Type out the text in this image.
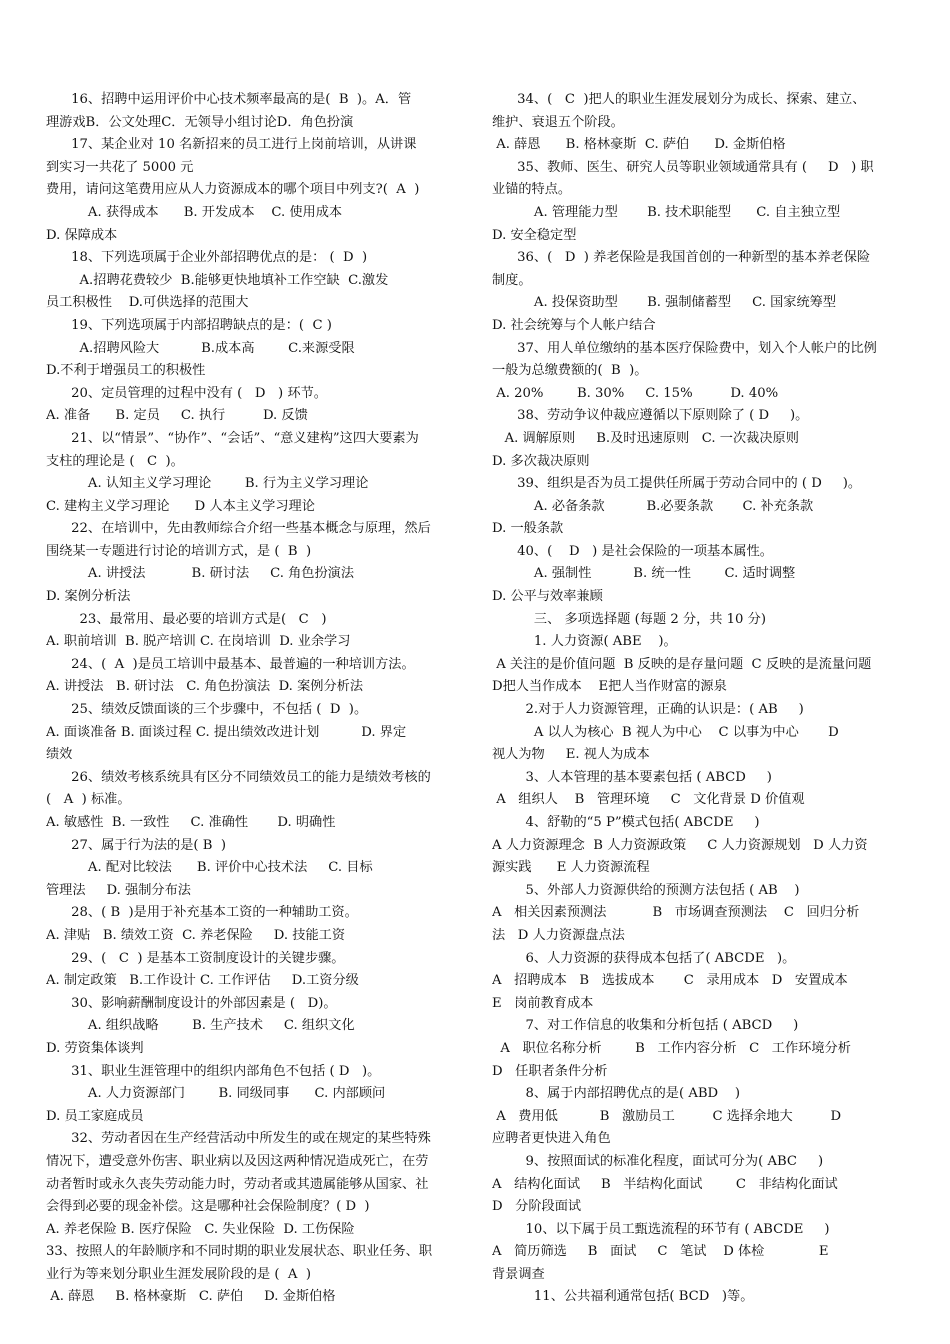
16、招聘中运用评价中心技术频率最高的是(  B  )。A．管
理游戏B．公文处理C．无领导小组讨论D．角色扮演
17、某企业对 10 名新招来的员工进行上岗前培训，从讲课
到实习一共花了 5000 元
费用，请问这笔费用应从人力资源成本的哪个项目中列支?(  A  )
A. 获得成本      B. 开发成本    C. 使用成本
D. 保障成本
18、下列选项属于企业外部招聘优点的是： (  D  )
A.招聘花费较少  B.能够更快地填补工作空缺  C.激发
员工积极性    D.可供选择的范围大
19、下列选项属于内部招聘缺点的是：(  C )
A.招聘风险大          B.成本高        C.来源受限
D.不利于增强员工的积极性
20、定员管理的过程中没有 (   D   ) 环节。
A. 准备      B. 定员     C. 执行         D. 反馈
21、以“情景”、“协作”、“会话”、“意义建构”这四大要素为
支柱的理论是 (   C  )。
A. 认知主义学习理论        B. 行为主义学习理论
C. 建构主义学习理论      D 人本主义学习理论
22、在培训中，先由教师综合介绍一些基本概念与原理，然后
围绕某一专题进行讨论的培训方式，是 (  B  )
A. 讲授法           B. 研讨法     C. 角色扮演法
D. 案例分析法
23、最常用、最必要的培训方式是(   C   )
A. 职前培训  B. 脱产培训 C. 在岗培训  D. 业余学习
24、(  A  )是员工培训中最基本、最普遍的一种培训方法。
A. 讲授法   B. 研讨法   C. 角色扮演法  D. 案例分析法
25、绩效反馈面谈的三个步骤中，不包括 (  D  )。
A. 面谈准备 B. 面谈过程 C. 提出绩效改进计划          D. 界定
绩效
26、绩效考核系统具有区分不同绩效员工的能力是绩效考核的
(   A  ) 标准。
A. 敏感性  B. 一致性     C. 准确性       D. 明确性
27、属于行为法的是( B  )
A. 配对比较法      B. 评价中心技术法     C. 目标
管理法     D. 强制分布法
28、( B  )是用于补充基本工资的一种辅助工资。
A. 津贴   B. 绩效工资  C. 养老保险     D. 技能工资
29、(   C  ) 是基本工资制度设计的关键步骤。
A. 制定政策   B.工作设计 C. 工作评估     D.工资分级
30、影响薪酬制度设计的外部因素是 (   D)。
A. 组织战略        B. 生产技术     C. 组织文化
D. 劳资集体谈判
31、职业生涯管理中的组织内部角色不包括 ( D   )。
A. 人力资源部门        B. 同级同事      C. 内部顾问
D. 员工家庭成员
32、劳动者因在生产经营活动中所发生的或在规定的某些特殊
情况下，遭受意外伤害、职业病以及因这两种情况造成死亡，在劳
动者暂时或永久丧失劳动能力时，劳动者或其遗属能够从国家、社
会得到必要的现金补偿。这是哪种社会保险制度？( D  )
A. 养老保险 B. 医疗保险   C. 失业保险  D. 工伤保险
33、按照人的年龄顺序和不同时期的职业发展状态、职业任务、职
业行为等来划分职业生涯发展阶段的是 (  A  )
A. 薛恩     B. 格林豪斯   C. 萨伯     D. 金斯伯格
34、(   C  )把人的职业生涯发展划分为成长、探索、建立、
维护、衰退五个阶段。
A. 薛恩      B. 格林豪斯  C. 萨伯      D. 金斯伯格
35、教师、医生、研究人员等职业领域通常具有 (     D   ) 职
业锚的特点。
A. 管理能力型       B. 技术职能型      C. 自主独立型
D. 安全稳定型
36、(   D  ) 养老保险是我国首创的一种新型的基本养老保险
制度。
A. 投保资助型       B. 强制储蓄型     C. 国家统筹型
D. 社会统筹与个人帐户结合
37、用人单位缴纳的基本医疗保险费中，划入个人帐户的比例
一般为总缴费额的(  B  )。
A. 20%        B. 30%     C. 15%         D. 40%
38、劳动争议仲裁应遵循以下原则除了 ( D     )。
A. 调解原则     B.及时迅速原则   C. 一次裁决原则
D. 多次裁决原则
39、组织是否为员工提供任所属于劳动合同中的 ( D     )。
A. 必备条款          B.必要条款       C. 补充条款
D. 一般条款
40、(    D   ) 是社会保险的一项基本属性。
A. 强制性          B. 统一性        C. 适时调整
D. 公平与效率兼顾
三、 多项选择题 (每题 2 分，共 10 分)
1. 人力资源( ABE    )。
A 关注的是价值问题  B 反映的是存量问题  C 反映的是流量问题
D把人当作成本    E把人当作财富的源泉
2.对于人力资源管理，正确的认识是：( AB     )
A 以人为核心  B 视人为中心    C 以事为中心       D
视人为物     E. 视人为成本
3、人本管理的基本要素包括 ( ABCD     )
A   组织人    B   管理环境     C   文化背景 D 价值观
4、舒勒的“5 P”模式包括( ABCDE     )
A 人力资源理念  B 人力资源政策     C 人力资源规划   D 人力资
源实践      E 人力资源流程
5、外部人力资源供给的预测方法包括 ( AB    )
A   相关因素预测法           B   市场调查预测法    C   回归分析
法   D 人力资源盘点法
6、人力资源的获得成本包括了( ABCDE   )。
A   招聘成本   B   选拔成本       C   录用成本   D   安置成本
E   岗前教育成本
7、对工作信息的收集和分析包括 ( ABCD     )
A   职位名称分析        B   工作内容分析   C   工作环境分析
D   任职者条件分析
8、属于内部招聘优点的是( ABD    )
A   费用低          B   激励员工         C 选择余地大         D
应聘者更快进入角色
9、按照面试的标准化程度，面试可分为( ABC     )
A   结构化面试     B   半结构化面试        C   非结构化面试
D   分阶段面试
10、以下属于员工甄选流程的环节有 ( ABCDE     )
A   简历筛选     B   面试     C   笔试    D 体检             E
背景调查
11、公共福利通常包括( BCD   )等。
